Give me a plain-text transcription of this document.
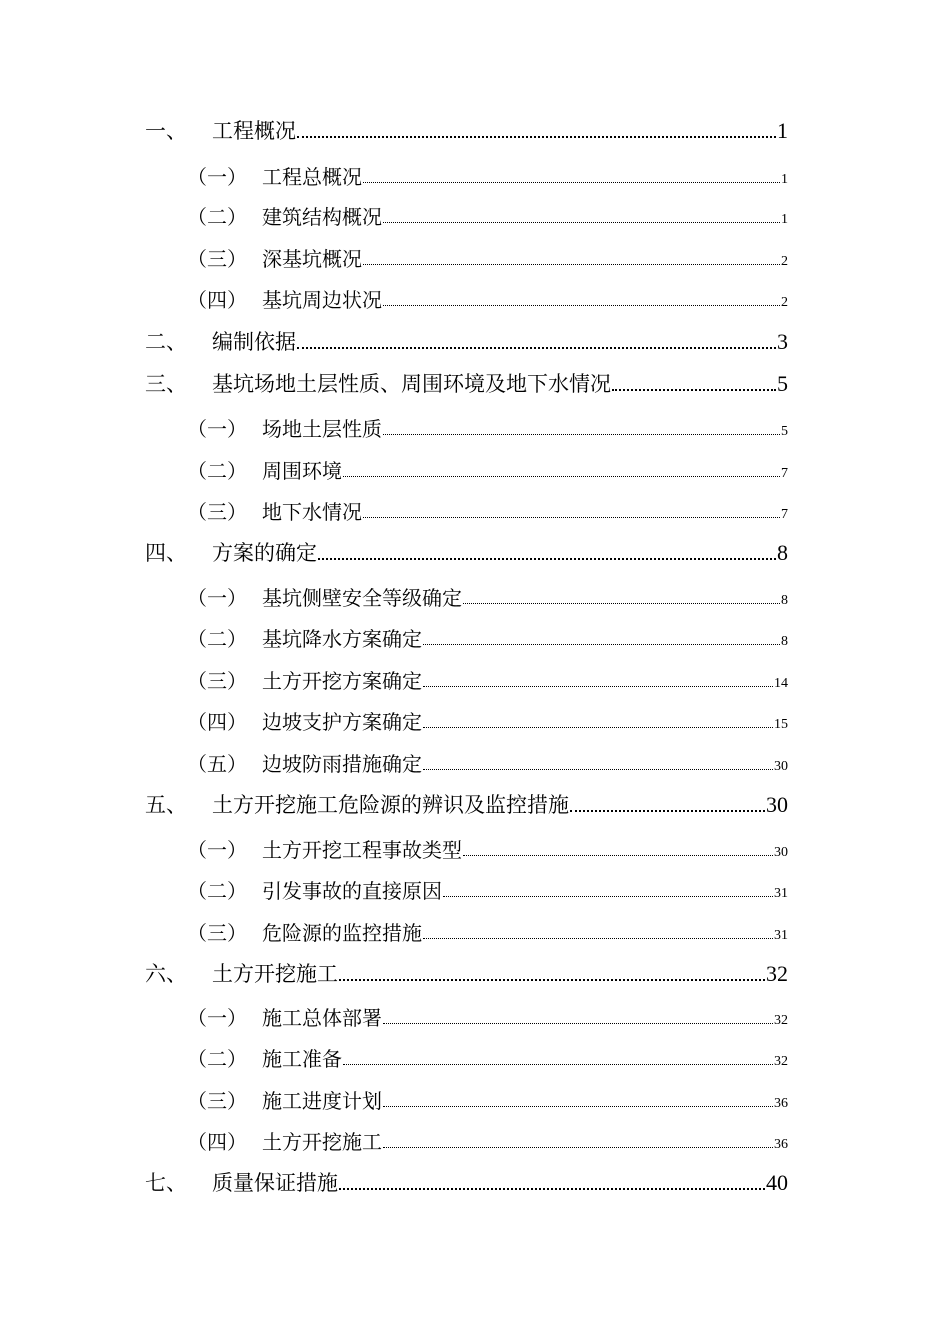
一、	工程概况	1
（一） 工程总概况	1
（二） 建筑结构概况	1
（三） 深基坑概况	2
（四） 基坑周边状况	2
二、	编制依据	3
三、	基坑场地土层性质、周围环境及地下水情况	5
（一） 场地土层性质	5
（二） 周围环境	7
（三） 地下水情况	7
四、	方案的确定	8
（一） 基坑侧壁安全等级确定	8
（二） 基坑降水方案确定	8
（三） 土方开挖方案确定	14
（四） 边坡支护方案确定	15
（五） 边坡防雨措施确定	30
五、	土方开挖施工危险源的辨识及监控措施	30
（一） 土方开挖工程事故类型	30
（二） 引发事故的直接原因	31
（三） 危险源的监控措施	31
六、	土方开挖施工	32
（一） 施工总体部署	32
（二） 施工准备	32
（三） 施工进度计划	36
（四） 土方开挖施工	36
七、	质量保证措施	40
